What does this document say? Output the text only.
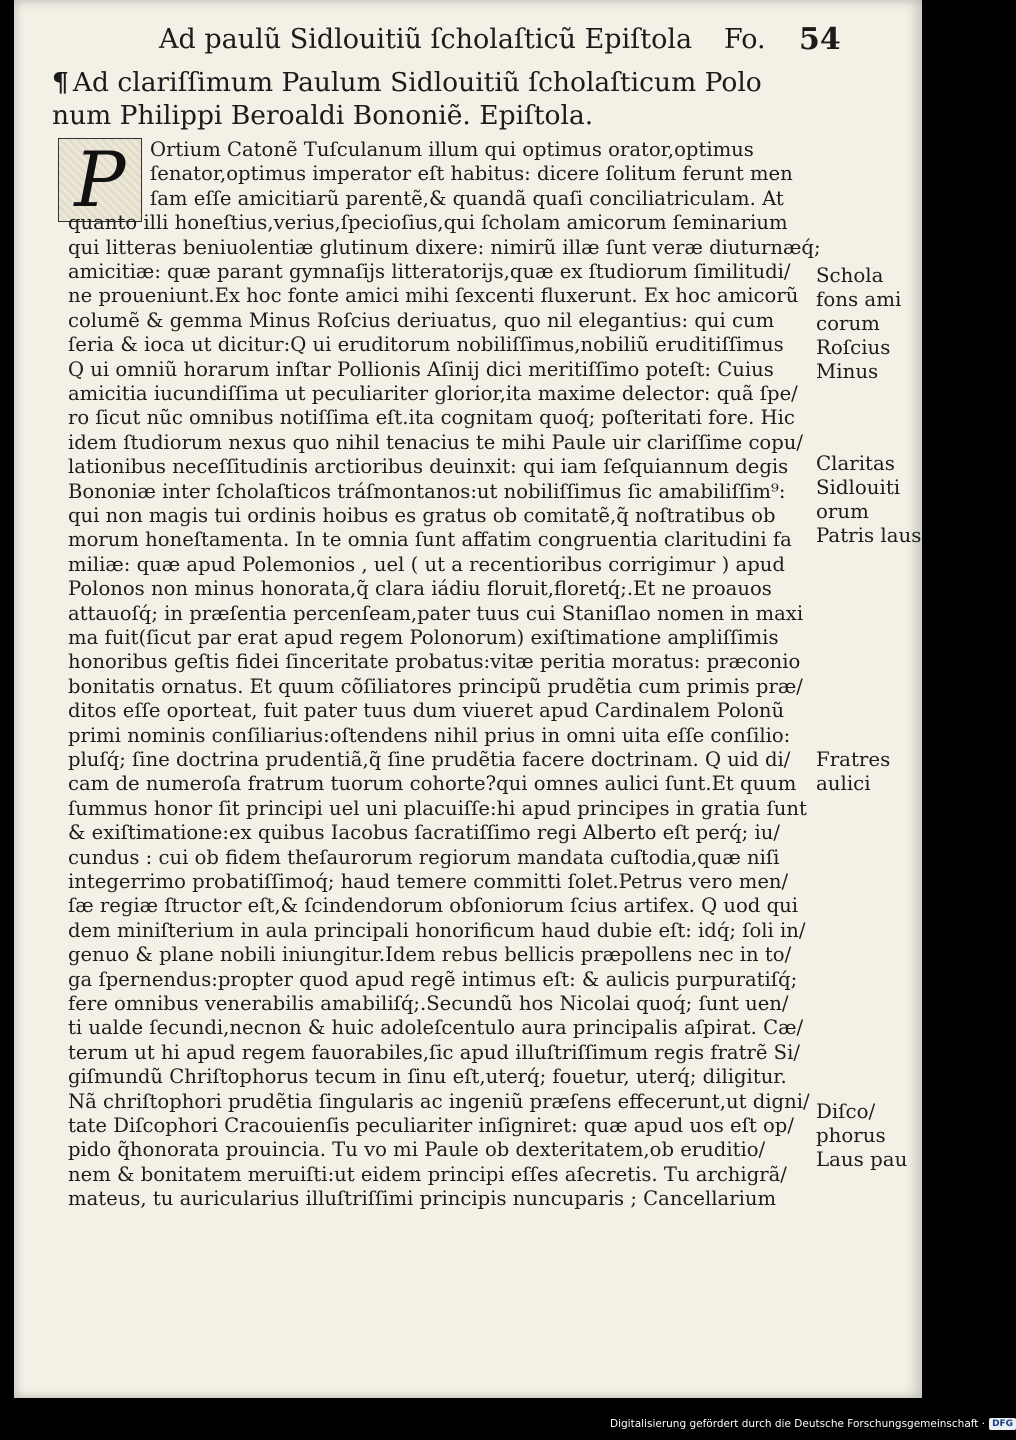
Ad paulũ Sidlouitiũ ſcholaſticũ Epiſtola Fo. 54
¶ Ad clariſſimum Paulum Sidlouitiũ ſcholaſticum Polo
num Philippi Beroaldi Bononiẽ. Epiſtola.
P	Ortium Catonẽ Tuſculanum illum qui optimus orator,optimus
ſenator,optimus imperator eſt habitus: dicere ſolitum ferunt men
ſam eſſe amicitiarũ parentẽ,& quandã quaſi conciliatriculam. At
quanto illi honeſtius,verius,ſpecioſius,qui ſcholam amicorum ſeminarium
qui litteras beniuolentiæ glutinum dixere: nimirũ illæ ſunt veræ diuturnæq́;
amicitiæ: quæ parant gymnaſijs litteratorijs,quæ ex ſtudiorum ſimilitudi/
ne proueniunt.Ex hoc fonte amici mihi ſexcenti fluxerunt. Ex hoc amicorũ
columẽ & gemma Minus Roſcius deriuatus, quo nil elegantius: qui cum
ſeria & ioca ut dicitur:Q ui eruditorum nobiliſſimus,nobiliũ eruditiſſimus
Q ui omniũ horarum inſtar Pollionis Aſinij dici meritiſſimo poteſt: Cuius
amicitia iucundiſſima ut peculiariter glorior,ita maxime delector: quã ſpe/
ro ſicut nũc omnibus notiſſima eſt.ita cognitam quoq́; poſteritati fore. Hic
idem ſtudiorum nexus quo nihil tenacius te mihi Paule uir clariſſime copu/
lationibus neceſſitudinis arctioribus deuinxit: qui iam ſeſquiannum degis
Bononiæ inter ſcholaſticos tráſmontanos:ut nobiliſſimus ſic amabiliſſim⁹:
qui non magis tui ordinis hoibus es gratus ob comitatẽ,q̃ noſtratibus ob
morum honeſtamenta. In te omnia ſunt affatim congruentia claritudini fa
miliæ: quæ apud Polemonios , uel ( ut a recentioribus corrigimur ) apud
Polonos non minus honorata,q̃ clara iádiu floruit,floretq́;.Et ne proauos
attauoſq́; in præſentia percenſeam,pater tuus cui Staniſlao nomen in maxi
ma fuit(ſicut par erat apud regem Polonorum) exiſtimatione ampliſſimis
honoribus geſtis fidei ſinceritate probatus:vitæ peritia moratus: præconio
bonitatis ornatus. Et quum cõſiliatores principũ prudẽtia cum primis præ/
ditos eſſe oporteat, fuit pater tuus dum viueret apud Cardinalem Polonũ
primi nominis conſiliarius:oſtendens nihil prius in omni uita eſſe conſilio:
pluſq́; ſine doctrina prudentiã,q̃ ſine prudẽtia facere doctrinam. Q uid di/
cam de numeroſa fratrum tuorum cohorte?qui omnes aulici ſunt.Et quum
ſummus honor ſit principi uel uni placuiſſe:hi apud principes in gratia ſunt
& exiſtimatione:ex quibus Iacobus ſacratiſſimo regi Alberto eſt perq́; iu/
cundus : cui ob fidem theſaurorum regiorum mandata cuſtodia,quæ niſi
integerrimo probatiſſimoq́; haud temere committi ſolet.Petrus vero men/
ſæ regiæ ſtructor eſt,& ſcindendorum obſoniorum ſcius artifex. Q uod qui
dem miniſterium in aula principali honorificum haud dubie eſt: idq́; ſoli in/
genuo & plane nobili iniungitur.Idem rebus bellicis præpollens nec in to/
ga ſpernendus:propter quod apud regẽ intimus eſt: & aulicis purpuratiſq́;
fere omnibus venerabilis amabiliſq́;.Secundũ hos Nicolai quoq́; ſunt uen/
ti ualde ſecundi,necnon & huic adoleſcentulo aura principalis aſpirat. Cæ/
terum ut hi apud regem fauorabiles,ſic apud illuſtriſſimum regis fratrẽ Si/
giſmundũ Chriſtophorus tecum in ſinu eſt,uterq́; fouetur, uterq́; diligitur.
Nã chriſtophori prudẽtia ſingularis ac ingeniũ præſens effecerunt,ut digni/
tate Diſcophori Cracouienſis peculiariter inſigniret: quæ apud uos eſt op/
pido q̃honorata prouincia. Tu vo mi Paule ob dexteritatem,ob eruditio/
nem & bonitatem meruiſti:ut eidem principi eſſes aſecretis. Tu archigrã/
mateus, tu auricularius illuſtriſſimi principis nuncuparis ; Cancellarium
Schola
fons ami
corum
Roſcius
Minus
Claritas
Sidlouiti
orum
Patris laus
Fratres
aulici
Diſco/
phorus
Laus pau
Digitalisierung gefördert durch die Deutsche Forschungsgemeinschaft · DFG
